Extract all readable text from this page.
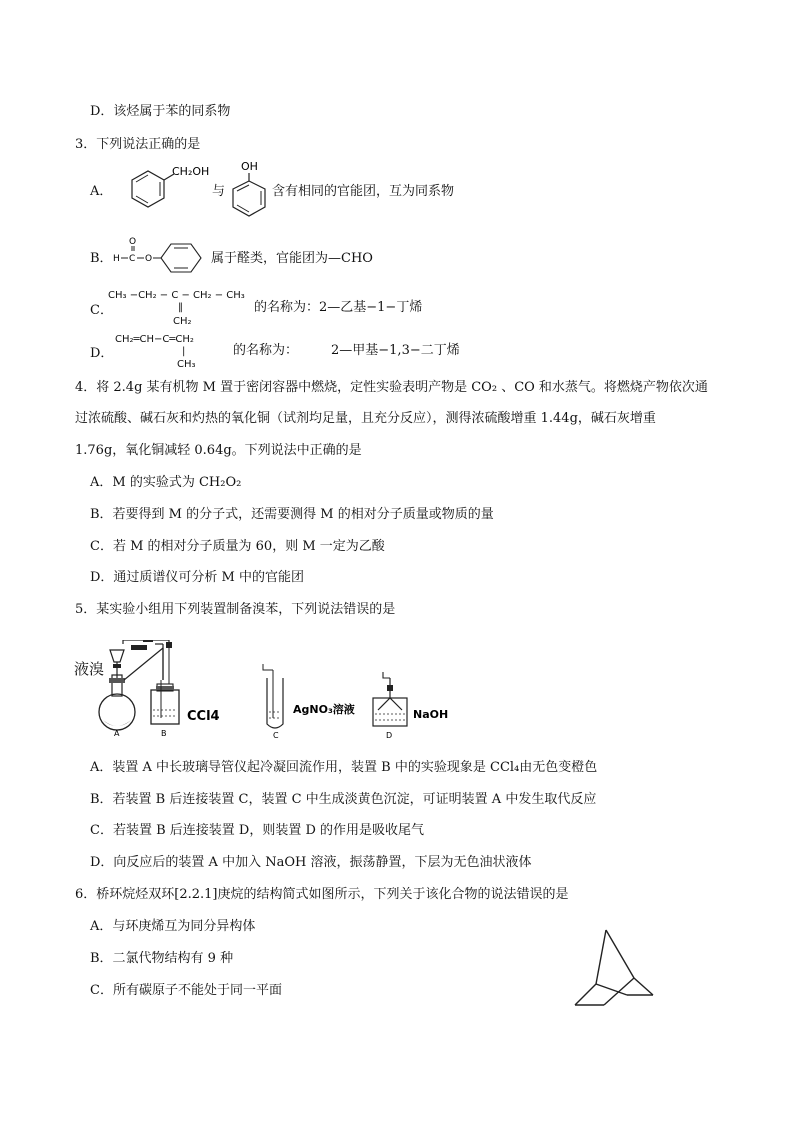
D．该烃属于苯的同系物
3．下列说法正确的是
A．
CH₂OH
与
OH
含有相同的官能团，互为同系物
B． H C
O
O	属于醛类，官能团为—CHO
C．
CH₃ −CH₂ − C − CH₂ − CH₃
‖
CH₂
的名称为：2—乙基−1−丁烯
D．
CH₂═CH−C═CH₂
|
CH₃
的名称为：	2—甲基−1,3−二丁烯
4．将 2.4g 某有机物 M 置于密闭容器中燃烧，定性实验表明产物是 CO₂ 、CO 和水蒸气。将燃烧产物依次通
过浓硫酸、碱石灰和灼热的氧化铜（试剂均足量，且充分反应），测得浓硫酸增重 1.44g，碱石灰增重
1.76g，氧化铜减轻 0.64g。下列说法中正确的是
A．M 的实验式为 CH₂O₂
B．若要得到 M 的分子式，还需要测得 M 的相对分子质量或物质的量
C．若 M 的相对分子质量为 60，则 M 一定为乙酸
D．通过质谱仪可分析 M 中的官能团
5．某实验小组用下列装置制备溴苯，下列说法错误的是
液溴
A	B
CCl4
C
AgNO₃溶液
D
NaOH
A．装置 A 中长玻璃导管仪起冷凝回流作用，装置 B 中的实验现象是 CCl₄由无色变橙色
B．若装置 B 后连接装置 C，装置 C 中生成淡黄色沉淀，可证明装置 A 中发生取代反应
C．若装置 B 后连接装置 D，则装置 D 的作用是吸收尾气
D．向反应后的装置 A 中加入 NaOH 溶液，振荡静置，下层为无色油状液体
6．桥环烷烃双环[2.2.1]庚烷的结构简式如图所示，下列关于该化合物的说法错误的是
A．与环庚烯互为同分异构体
B．二氯代物结构有 9 种
C．所有碳原子不能处于同一平面
